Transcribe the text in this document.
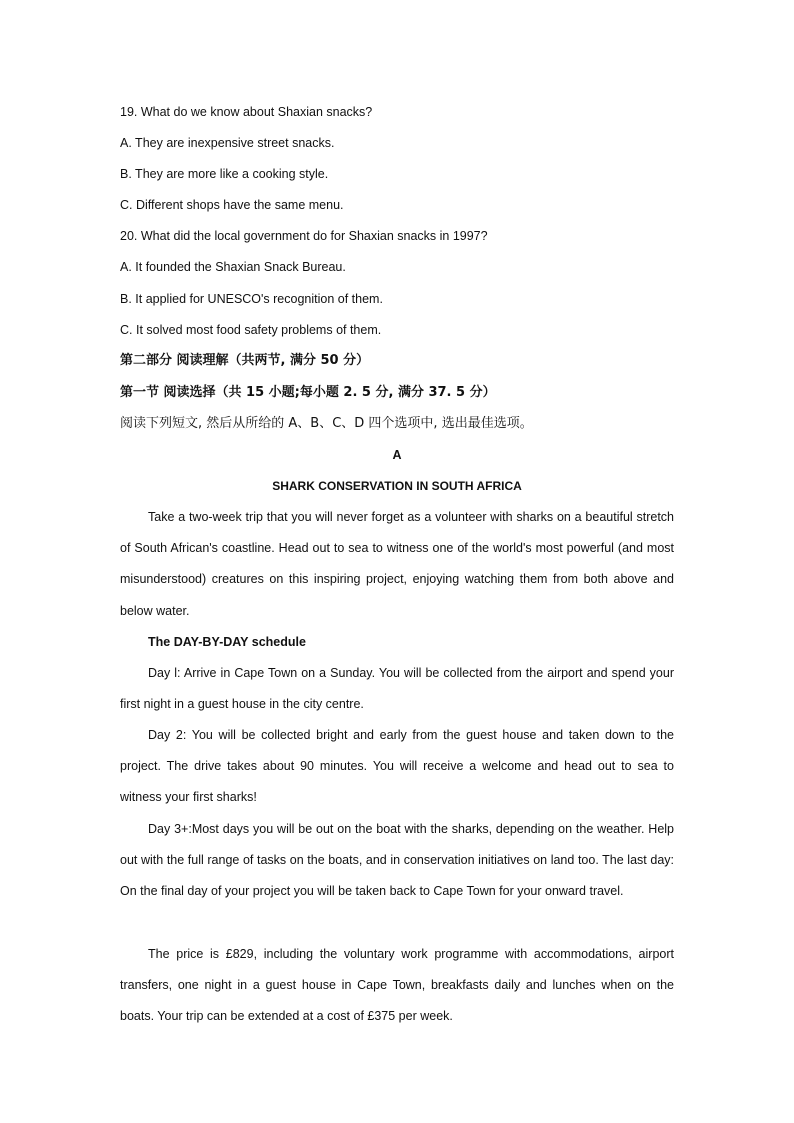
19. What do we know about Shaxian snacks?
A. They are inexpensive street snacks.
B. They are more like a cooking style.
C. Different shops have the same menu.
20. What did the local government do for Shaxian snacks in 1997?
A. It founded the Shaxian Snack Bureau.
B. It applied for UNESCO's recognition of them.
C. It solved most food safety problems of them.
第二部分 阅读理解（共两节, 满分 50 分）
第一节 阅读选择（共 15 小题;每小题 2. 5 分, 满分 37. 5 分）
阅读下列短文, 然后从所给的 A、B、C、D 四个选项中, 选出最佳选项。
A
SHARK CONSERVATION IN SOUTH AFRICA

Take a two-week trip that you will never forget as a volunteer with sharks on a beautiful stretch of South African's coastline. Head out to sea to witness one of the world's most powerful (and most misunderstood) creatures on this inspiring project, enjoying watching them from both above and below water.

The DAY-BY-DAY schedule

Day l: Arrive in Cape Town on a Sunday. You will be collected from the airport and spend your first night in a guest house in the city centre.

Day 2: You will be collected bright and early from the guest house and taken down to the project. The drive takes about 90 minutes. You will receive a welcome and head out to sea to witness your first sharks!

Day 3+:Most days you will be out on the boat with the sharks, depending on the weather. Help out with the full range of tasks on the boats, and in conservation initiatives on land too. The last day: On the final day of your project you will be taken back to Cape Town for your onward travel.

The price is £829, including the voluntary work programme with accommodations, airport transfers, one night in a guest house in Cape Town, breakfasts daily and lunches when on the boats. Your trip can be extended at a cost of £375 per week.
